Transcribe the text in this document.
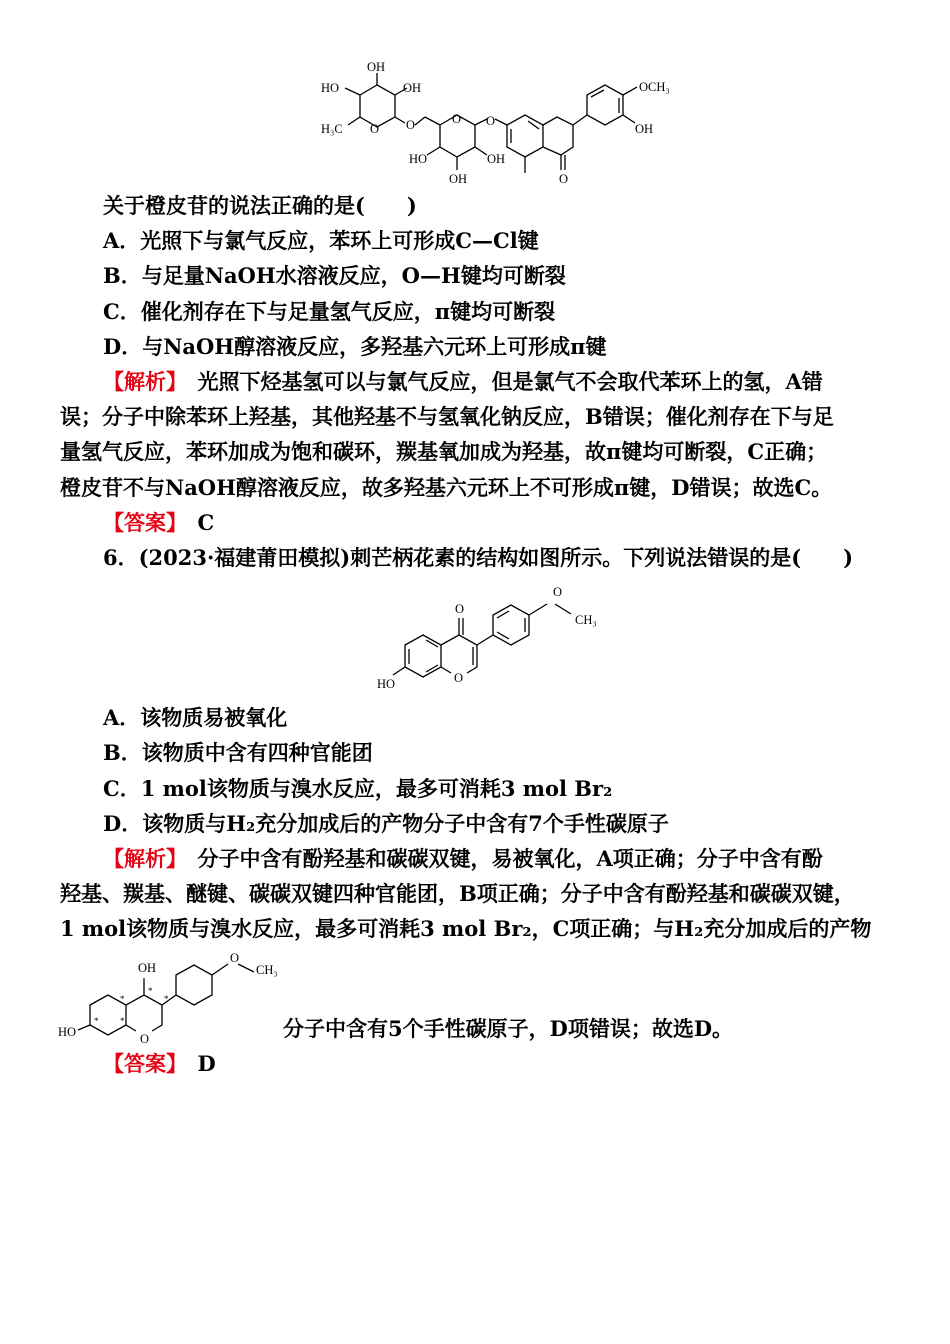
OH
HO	OH
H₃C O O	O O
HO	OH
OH	O
OCH₃
OH
关于橙皮苷的说法正确的是(　　)
A．光照下与氯气反应，苯环上可形成C—Cl键
B．与足量NaOH水溶液反应，O—H键均可断裂
C．催化剂存在下与足量氢气反应，π键均可断裂
D．与NaOH醇溶液反应，多羟基六元环上可形成π键
【解析】　 光照下烃基氢可以与氯气反应，但是氯气不会取代苯环上的氢，A错
误；分子中除苯环上羟基，其他羟基不与氢氧化钠反应，B错误；催化剂存在下与足
量氢气反应，苯环加成为饱和碳环，羰基氧加成为羟基，故π键均可断裂，C正确；
橙皮苷不与NaOH醇溶液反应，故多羟基六元环上不可形成π键，D错误；故选C。
【答案】　 C
6．(2023·福建莆田模拟)刺芒柄花素的结构如图所示。下列说法错误的是(　　)
O
O
CH₃
HO	O
A．该物质易被氧化
B．该物质中含有四种官能团
C．1 mol该物质与溴水反应，最多可消耗3 mol Br₂
D．该物质与H₂充分加成后的产物分子中含有7个手性碳原子
【解析】　 分子中含有酚羟基和碳碳双键，易被氧化，A项正确；分子中含有酚
羟基、羰基、醚键、碳碳双键四种官能团，B项正确；分子中含有酚羟基和碳碳双键，
1 mol该物质与溴水反应，最多可消耗3 mol Br₂，C项正确；与H₂充分加成后的产物
OH
O
CH₃
HO	O
*
*
*
*
*
分子中含有5个手性碳原子，D项错误；故选D。
【答案】　 D
